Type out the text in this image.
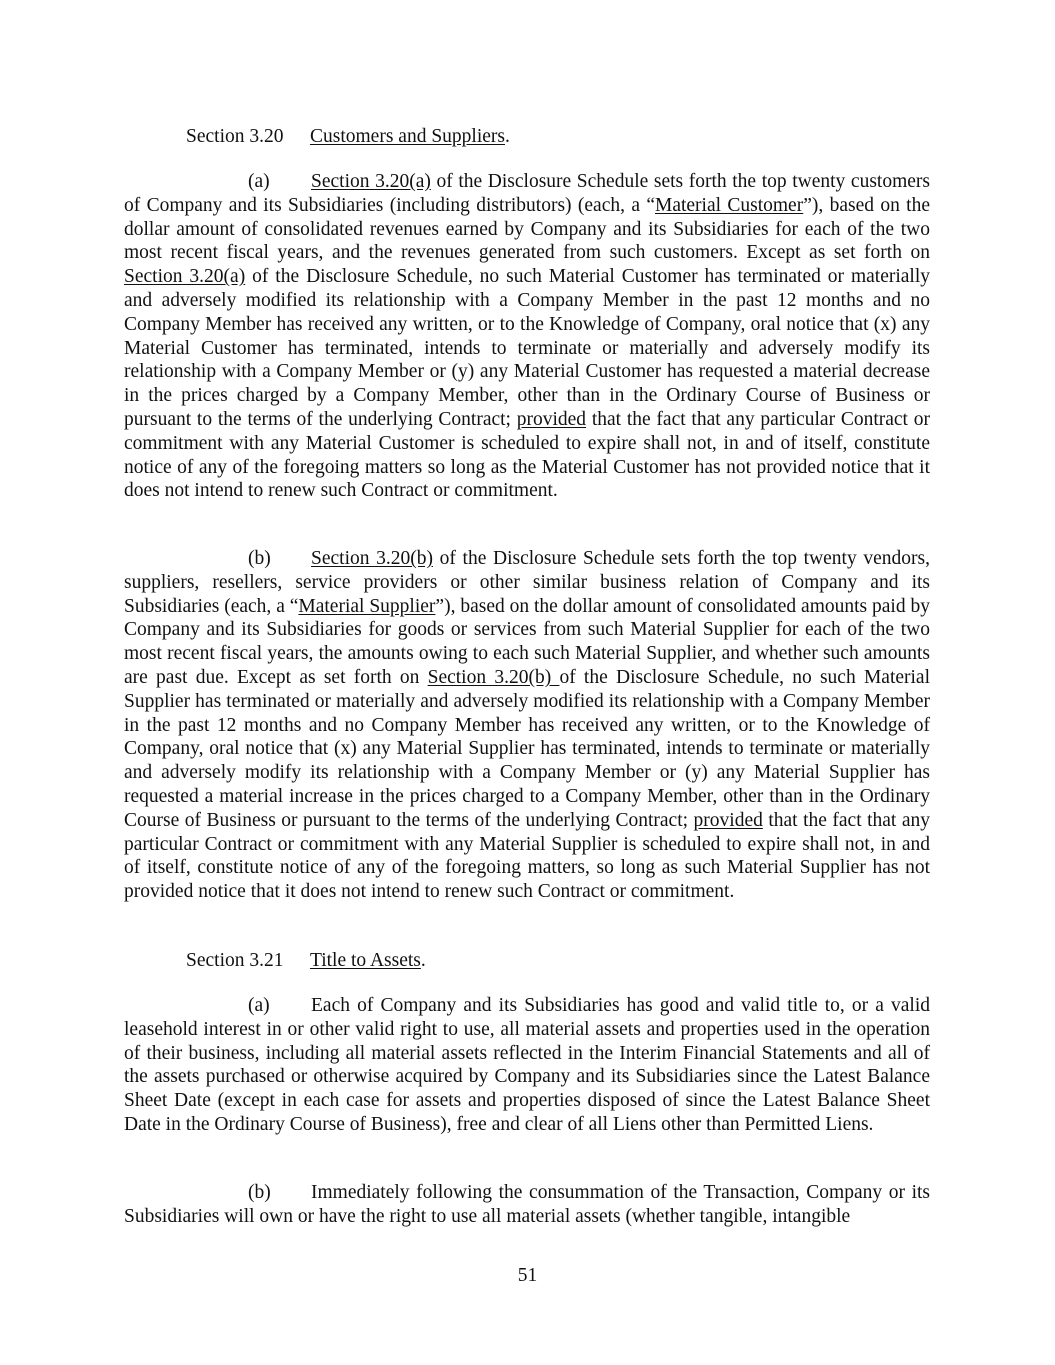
Section 3.20 Customers and Suppliers.
(a) Section 3.20(a) of the Disclosure Schedule sets forth the top twenty customers of Company and its Subsidiaries (including distributors) (each, a “Material Customer”), based on the dollar amount of consolidated revenues earned by Company and its Subsidiaries for each of the two most recent fiscal years, and the revenues generated from such customers. Except as set forth on Section 3.20(a) of the Disclosure Schedule, no such Material Customer has terminated or materially and adversely modified its relationship with a Company Member in the past 12 months and no Company Member has received any written, or to the Knowledge of Company, oral notice that (x) any Material Customer has terminated, intends to terminate or materially and adversely modify its relationship with a Company Member or (y) any Material Customer has requested a material decrease in the prices charged by a Company Member, other than in the Ordinary Course of Business or pursuant to the terms of the underlying Contract; provided that the fact that any particular Contract or commitment with any Material Customer is scheduled to expire shall not, in and of itself, constitute notice of any of the foregoing matters so long as the Material Customer has not provided notice that it does not intend to renew such Contract or commitment.
(b) Section 3.20(b) of the Disclosure Schedule sets forth the top twenty vendors, suppliers, resellers, service providers or other similar business relation of Company and its Subsidiaries (each, a “Material Supplier”), based on the dollar amount of consolidated amounts paid by Company and its Subsidiaries for goods or services from such Material Supplier for each of the two most recent fiscal years, the amounts owing to each such Material Supplier, and whether such amounts are past due. Except as set forth on Section 3.20(b) of the Disclosure Schedule, no such Material Supplier has terminated or materially and adversely modified its relationship with a Company Member in the past 12 months and no Company Member has received any written, or to the Knowledge of Company, oral notice that (x) any Material Supplier has terminated, intends to terminate or materially and adversely modify its relationship with a Company Member or (y) any Material Supplier has requested a material increase in the prices charged to a Company Member, other than in the Ordinary Course of Business or pursuant to the terms of the underlying Contract; provided that the fact that any particular Contract or commitment with any Material Supplier is scheduled to expire shall not, in and of itself, constitute notice of any of the foregoing matters, so long as such Material Supplier has not provided notice that it does not intend to renew such Contract or commitment.
Section 3.21 Title to Assets.
(a) Each of Company and its Subsidiaries has good and valid title to, or a valid leasehold interest in or other valid right to use, all material assets and properties used in the operation of their business, including all material assets reflected in the Interim Financial Statements and all of the assets purchased or otherwise acquired by Company and its Subsidiaries since the Latest Balance Sheet Date (except in each case for assets and properties disposed of since the Latest Balance Sheet Date in the Ordinary Course of Business), free and clear of all Liens other than Permitted Liens.
(b) Immediately following the consummation of the Transaction, Company or its Subsidiaries will own or have the right to use all material assets (whether tangible, intangible
51
